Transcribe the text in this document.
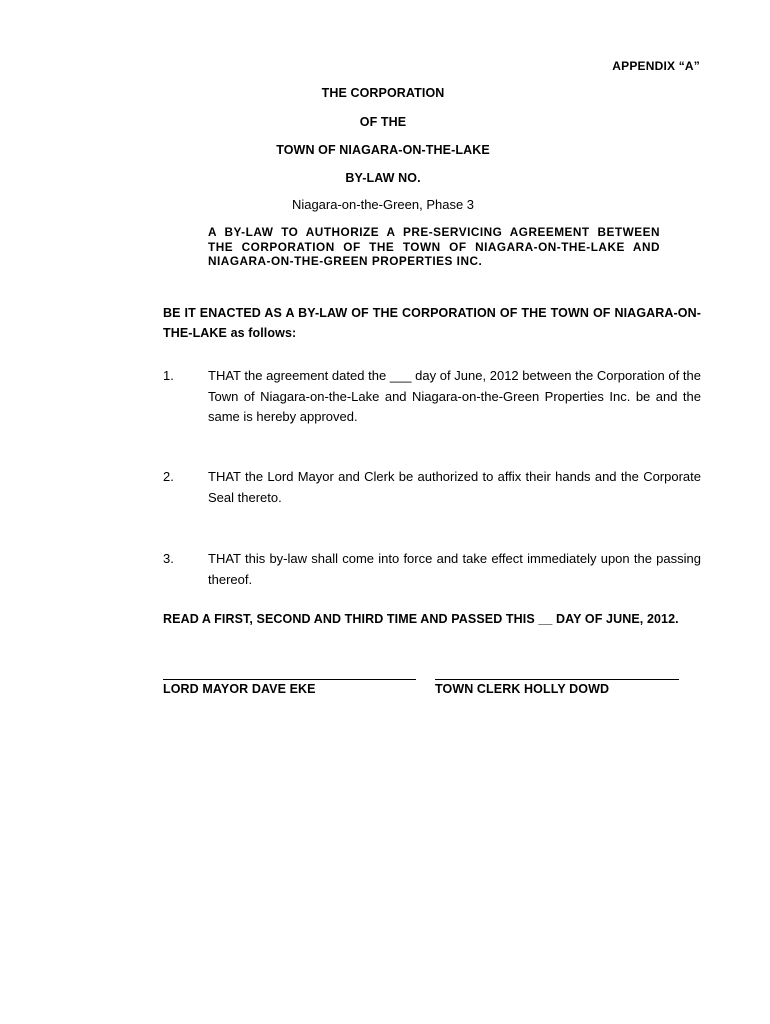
APPENDIX “A”

THE CORPORATION

OF THE

TOWN OF NIAGARA-ON-THE-LAKE

BY-LAW NO.

Niagara-on-the-Green, Phase 3

A BY-LAW TO AUTHORIZE A PRE-SERVICING AGREEMENT BETWEEN THE CORPORATION OF THE TOWN OF NIAGARA-ON-THE-LAKE AND NIAGARA-ON-THE-GREEN PROPERTIES INC.

BE IT ENACTED AS A BY-LAW OF THE CORPORATION OF THE TOWN OF NIAGARA-ON-THE-LAKE as follows:

1.	THAT the agreement dated the ___ day of June, 2012 between the Corporation of the Town of Niagara-on-the-Lake and Niagara-on-the-Green Properties Inc. be and the same is hereby approved.
2.	THAT the Lord Mayor and Clerk be authorized to affix their hands and the Corporate Seal thereto.
3.	THAT this by-law shall come into force and take effect immediately upon the passing thereof.

READ A FIRST, SECOND AND THIRD TIME AND PASSED THIS __ DAY OF JUNE, 2012.

LORD MAYOR DAVE EKE	TOWN CLERK HOLLY DOWD
